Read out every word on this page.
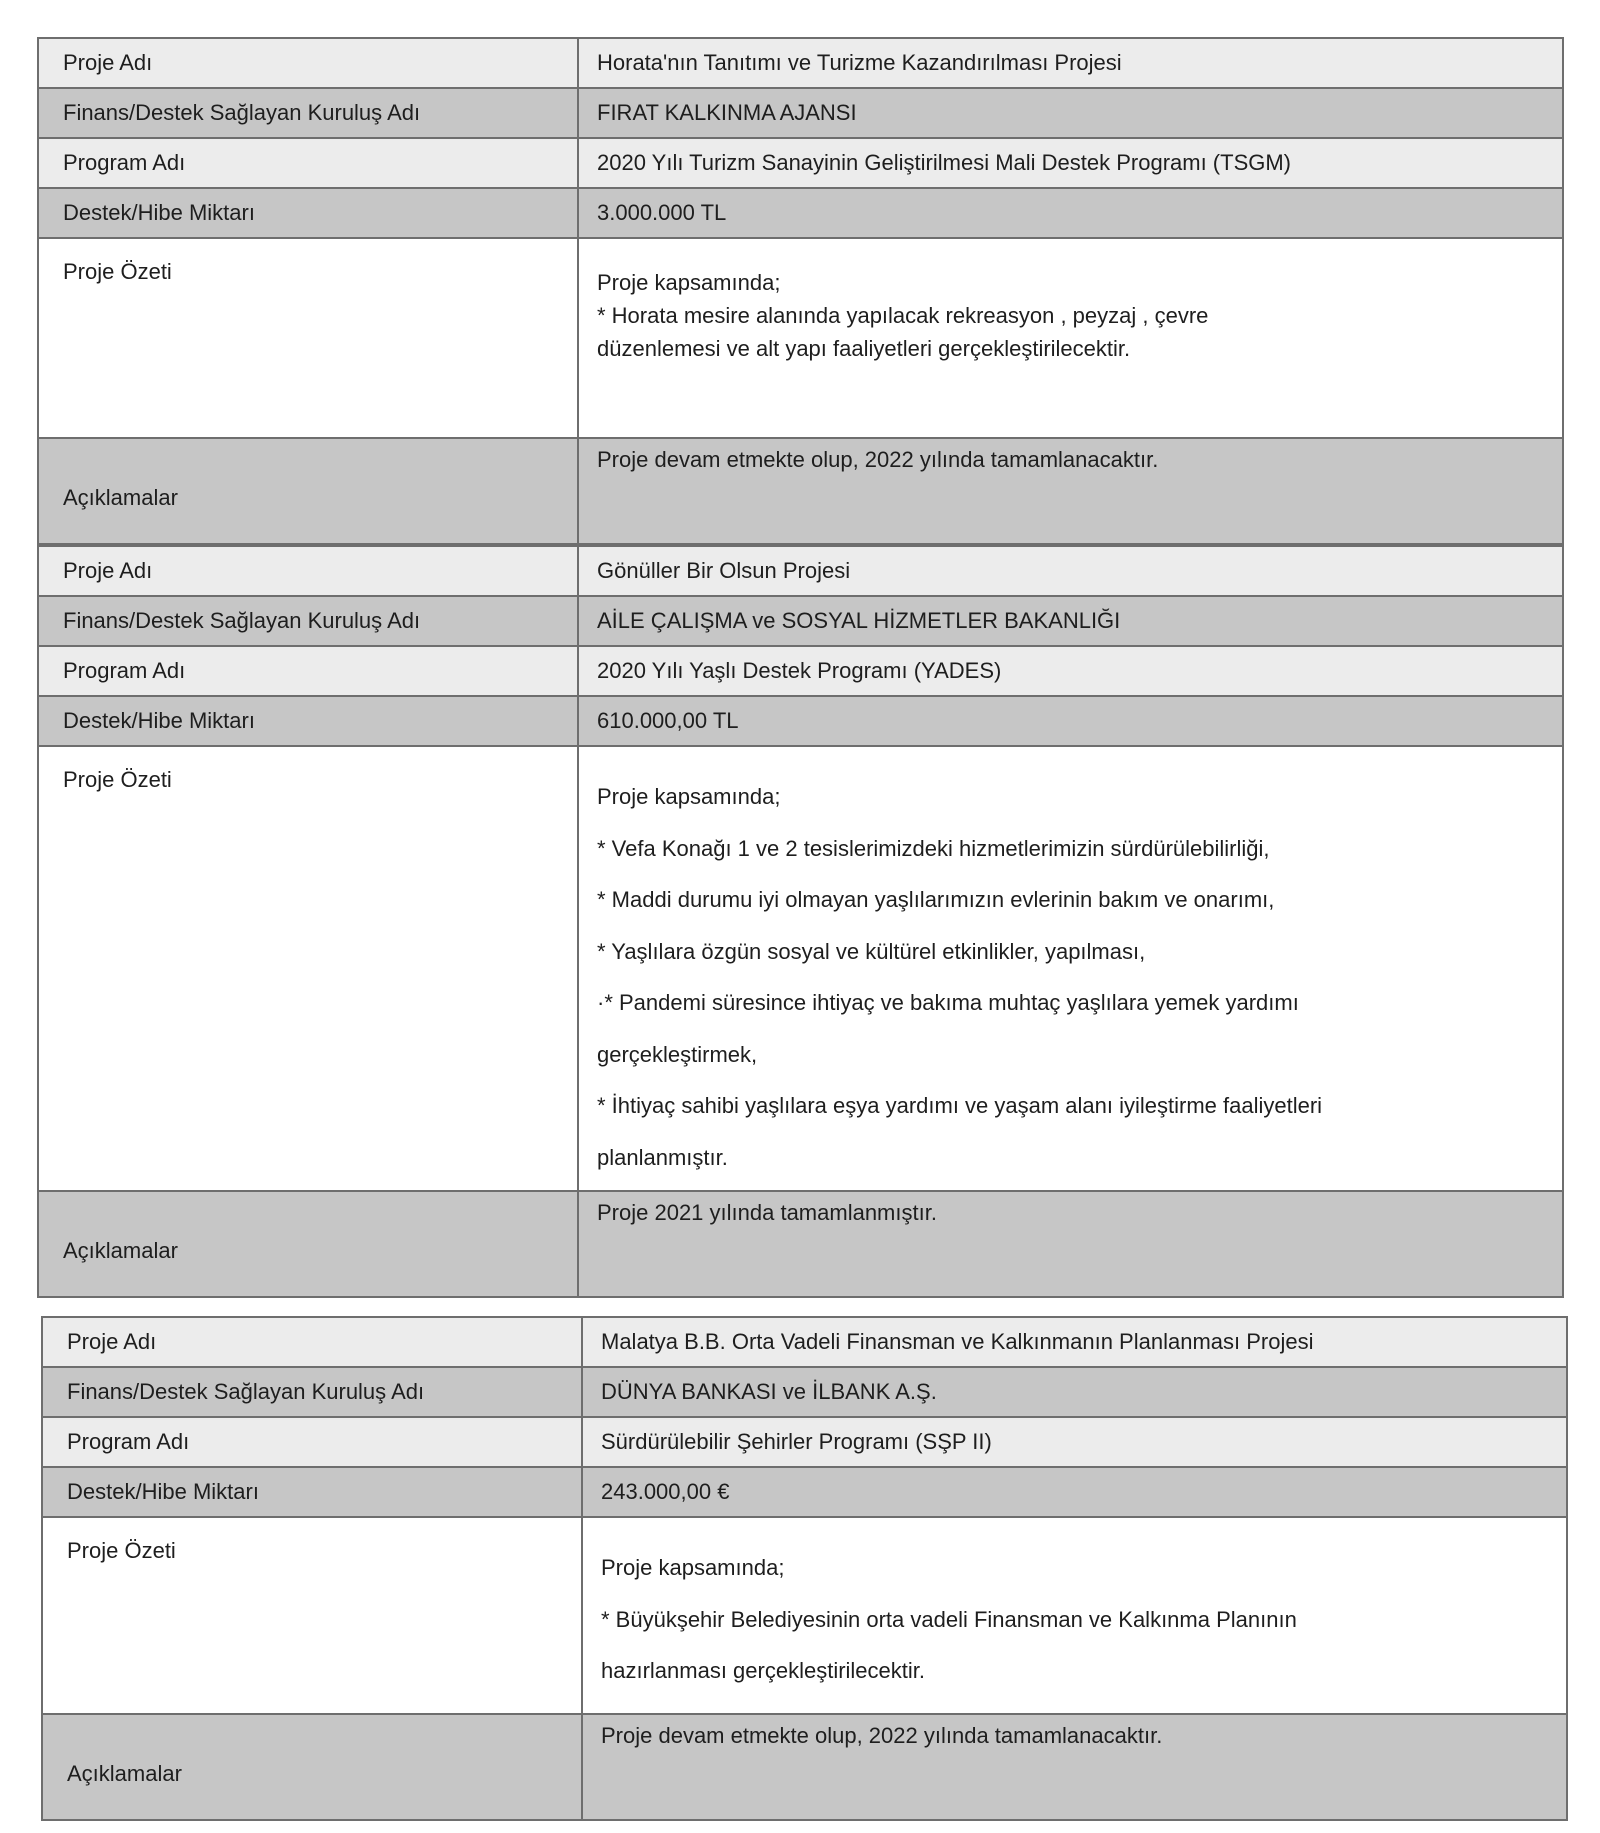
Proje Adı	Horata'nın Tanıtımı ve Turizme Kazandırılması Projesi
Finans/Destek Sağlayan Kuruluş Adı	FIRAT KALKINMA AJANSI
Program Adı	2020 Yılı Turizm Sanayinin Geliştirilmesi Mali Destek Programı (TSGM)
Destek/Hibe Miktarı	3.000.000 TL
Proje Özeti	Proje kapsamında;
* Horata mesire alanında yapılacak rekreasyon , peyzaj , çevre
düzenlemesi ve alt yapı faaliyetleri gerçekleştirilecektir.

Açıklamalar	Proje devam etmekte olup, 2022 yılında tamamlanacaktır.
Proje Adı	Gönüller Bir Olsun Projesi
Finans/Destek Sağlayan Kuruluş Adı	AİLE ÇALIŞMA ve SOSYAL HİZMETLER BAKANLIĞI
Program Adı	2020 Yılı Yaşlı Destek Programı (YADES)
Destek/Hibe Miktarı	610.000,00 TL
Proje Özeti	
Proje kapsamında;
* Vefa Konağı 1 ve 2 tesislerimizdeki hizmetlerimizin sürdürülebilirliği,
* Maddi durumu iyi olmayan yaşlılarımızın evlerinin bakım ve onarımı,
* Yaşlılara özgün sosyal ve kültürel etkinlikler, yapılması,
·* Pandemi süresince ihtiyaç ve bakıma muhtaç yaşlılara yemek yardımı
gerçekleştirmek,
* İhtiyaç sahibi yaşlılara eşya yardımı ve yaşam alanı iyileştirme faaliyetleri
planlanmıştır.

Açıklamalar	Proje 2021 yılında tamamlanmıştır.
Proje Adı	Malatya B.B. Orta Vadeli Finansman ve Kalkınmanın Planlanması Projesi
Finans/Destek Sağlayan Kuruluş Adı	DÜNYA BANKASI ve İLBANK A.Ş.
Program Adı	Sürdürülebilir Şehirler Programı (SŞP II)
Destek/Hibe Miktarı	243.000,00 €
Proje Özeti	Proje kapsamında;
* Büyükşehir Belediyesinin orta vadeli Finansman ve Kalkınma Planının
hazırlanması gerçekleştirilecektir.

Açıklamalar	Proje devam etmekte olup, 2022 yılında tamamlanacaktır.
